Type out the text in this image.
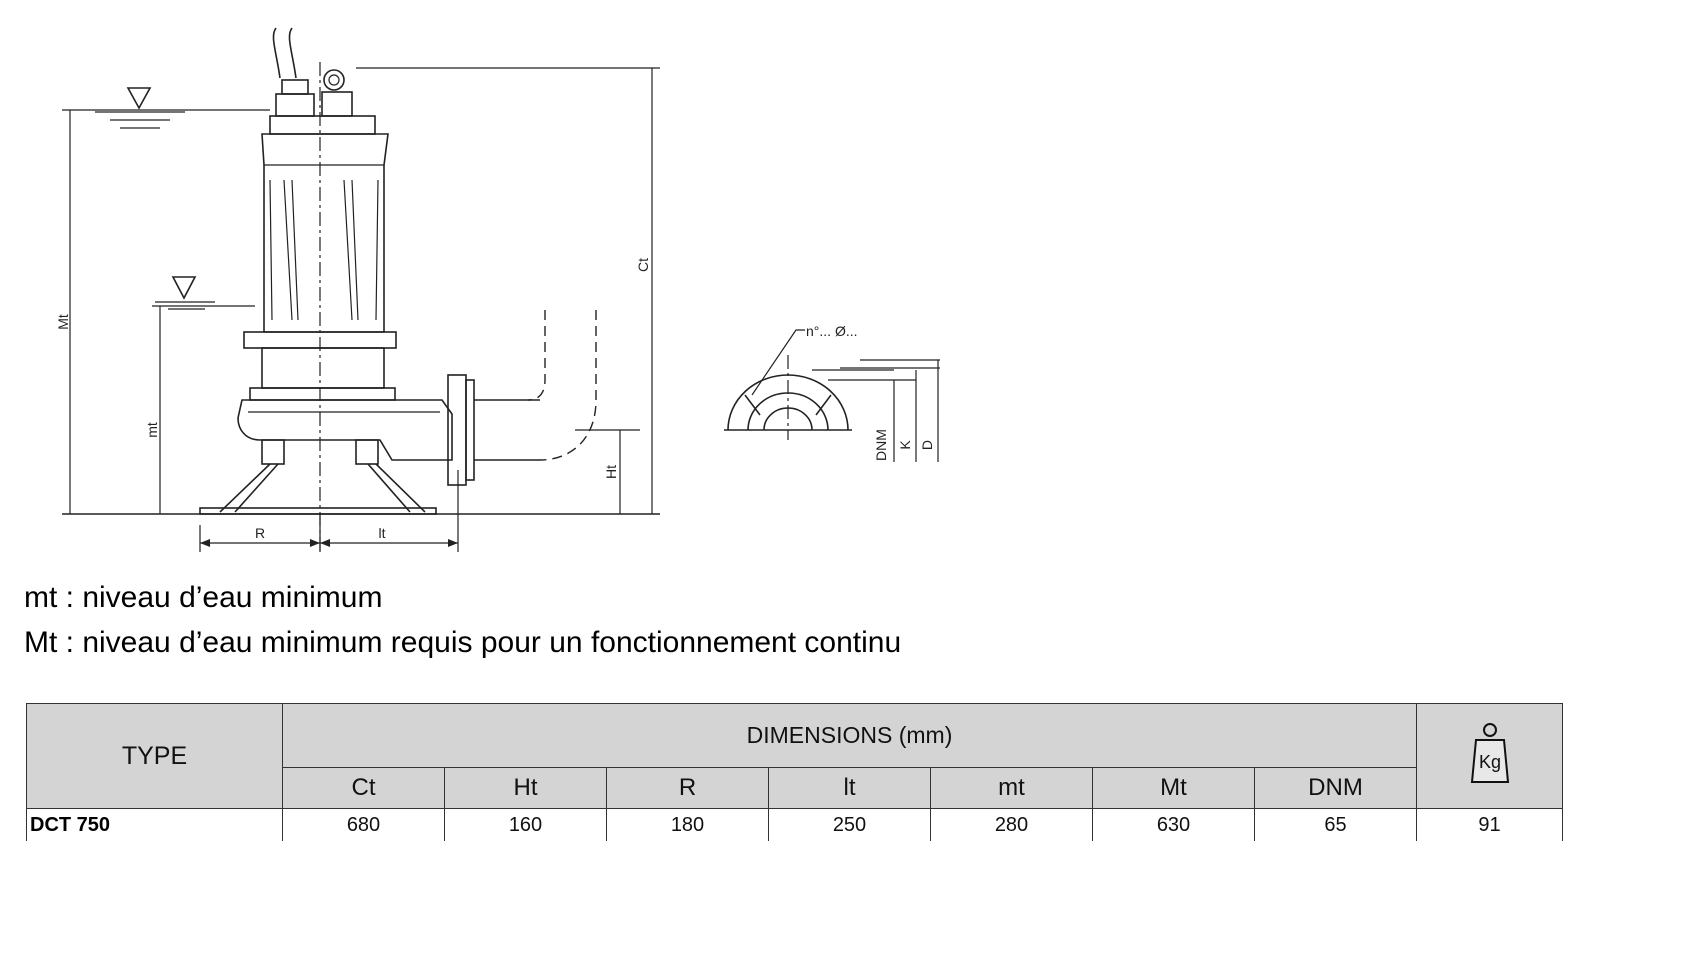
Mt
mt
Ct
Ht
R	lt
n°... Ø...
DNM K D
mt : niveau d’eau minimum
Mt : niveau d’eau minimum requis pour un fonctionnement continu
TYPE	DIMENSIONS (mm)							Kg

	Ct	Ht	R	lt	mt	Mt	DNM	
DCT 750	680	160	180	250	280	630	65	91
